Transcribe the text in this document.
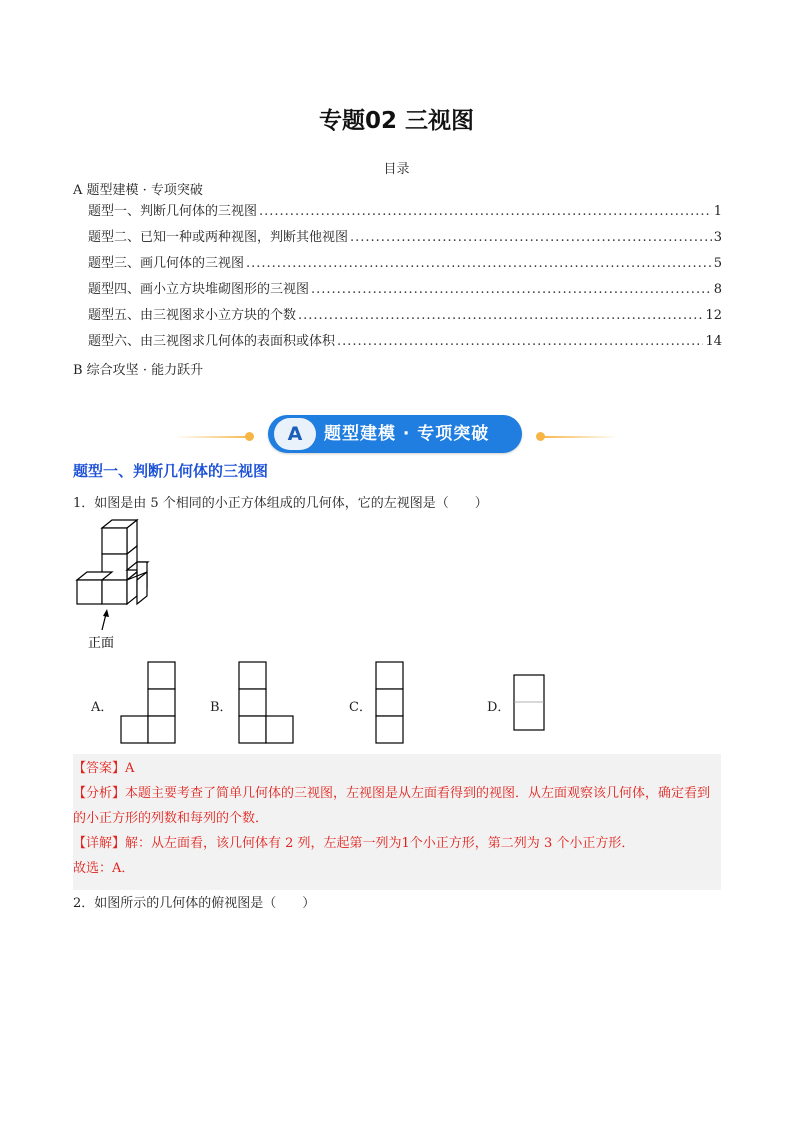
专题02 三视图
目录
A 题型建模 · 专项突破
题型一、判断几何体的三视图 .....	1
题型二、已知一种或两种视图，判断其他视图 .....	3
题型三、画几何体的三视图 .....	5
题型四、画小立方块堆砌图形的三视图 .....	8
题型五、由三视图求小立方块的个数 .....	12
题型六、由三视图求几何体的表面积或体积 .....	14
B 综合攻坚 · 能力跃升
A	题型建模 · 专项突破
题型一、判断几何体的三视图
1．如图是由 5 个相同的小正方体组成的几何体，它的左视图是（　　）
正面
A．	B．	C．	D．
【答案】A
【分析】本题主要考查了简单几何体的三视图，左视图是从左面看得到的视图．从左面观察该几何体，确定看到的小正方形的列数和每列的个数．
【详解】解：从左面看，该几何体有 2 列，左起第一列为1个小正方形，第二列为 3 个小正方形．
故选：A．
2．如图所示的几何体的俯视图是（　　）
